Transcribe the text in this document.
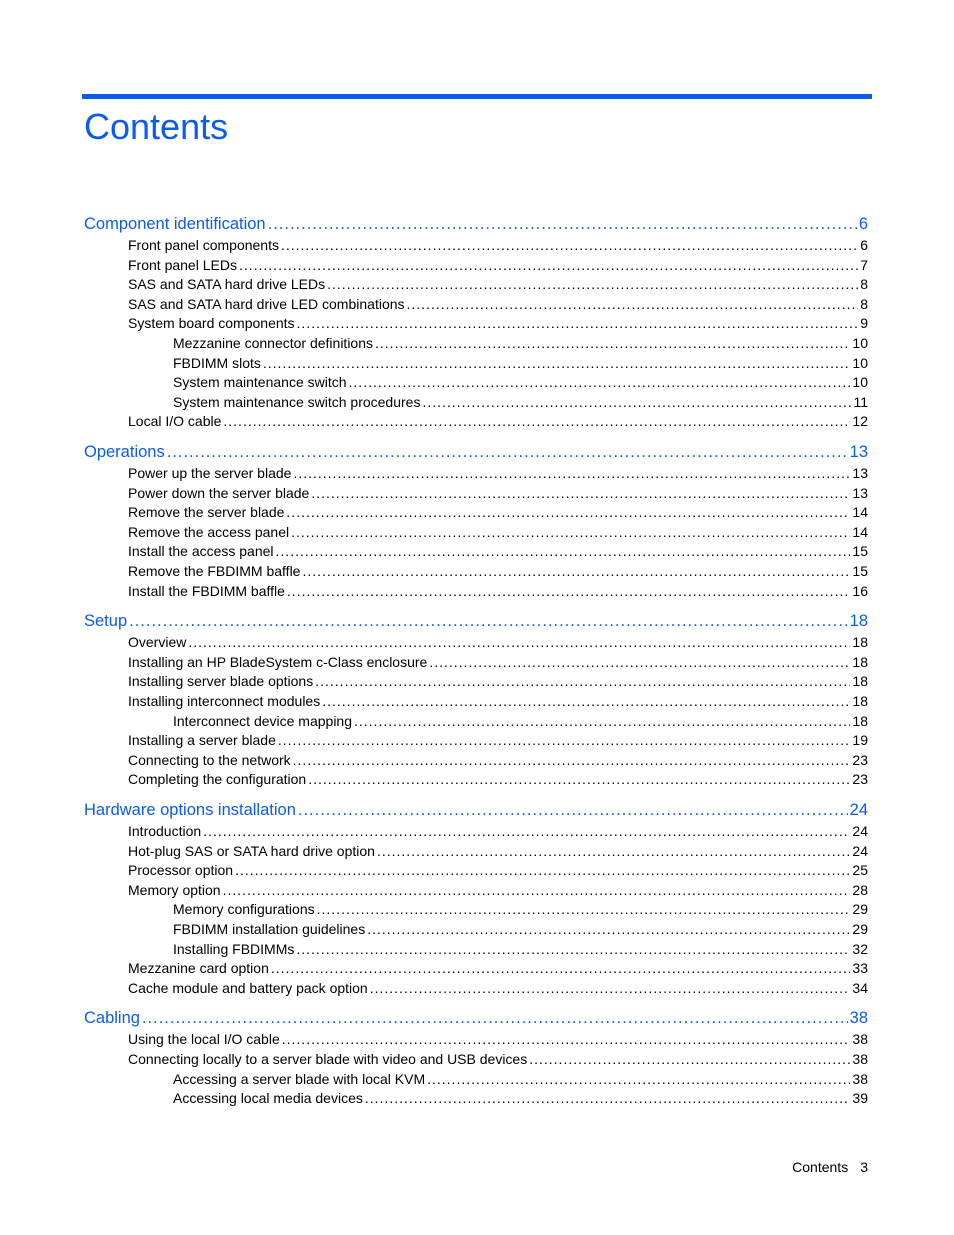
Contents
Component identification .....	6
Front panel components .....	6
Front panel LEDs .....	7
SAS and SATA hard drive LEDs .....	8
SAS and SATA hard drive LED combinations .....	8
System board components .....	9
Mezzanine connector definitions .....	10
FBDIMM slots .....	10
System maintenance switch .....	10
System maintenance switch procedures .....	11
Local I/O cable .....	12
Operations .....	13
Power up the server blade .....	13
Power down the server blade .....	13
Remove the server blade .....	14
Remove the access panel .....	14
Install the access panel .....	15
Remove the FBDIMM baffle .....	15
Install the FBDIMM baffle .....	16
Setup .....	18
Overview .....	18
Installing an HP BladeSystem c-Class enclosure .....	18
Installing server blade options .....	18
Installing interconnect modules .....	18
Interconnect device mapping .....	18
Installing a server blade .....	19
Connecting to the network .....	23
Completing the configuration .....	23
Hardware options installation .....	24
Introduction .....	24
Hot-plug SAS or SATA hard drive option .....	24
Processor option .....	25
Memory option .....	28
Memory configurations .....	29
FBDIMM installation guidelines .....	29
Installing FBDIMMs .....	32
Mezzanine card option .....	33
Cache module and battery pack option .....	34
Cabling .....	38
Using the local I/O cable .....	38
Connecting locally to a server blade with video and USB devices .....	38
Accessing a server blade with local KVM .....	38
Accessing local media devices .....	39
Contents 3
